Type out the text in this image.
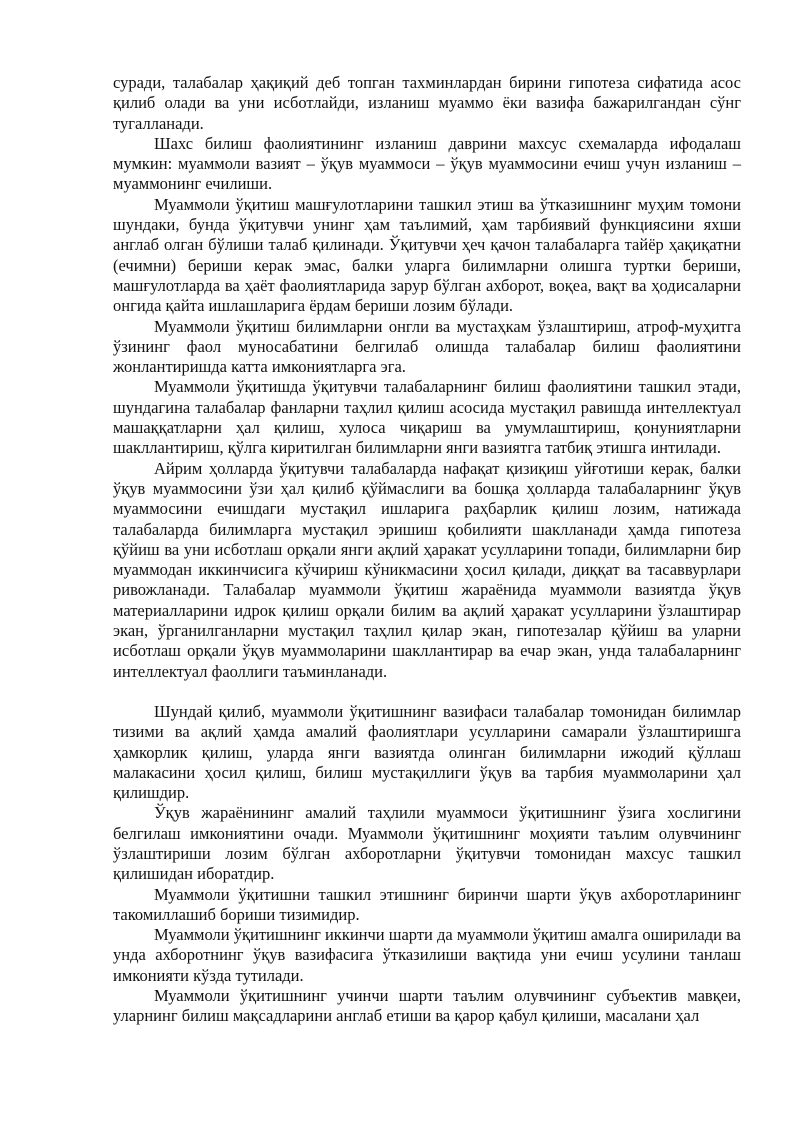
суради, талабалар ҳақиқий деб топган тахминлардан бирини гипотеза сифатида асос қилиб олади ва уни исботлайди, изланиш муаммо ёки вазифа бажарилгандан сўнг тугалланади.

Шахс билиш фаолиятининг изланиш даврини махсус схемаларда ифодалаш мумкин: муаммоли вазият – ўқув муаммоси – ўқув муаммосини ечиш учун изланиш – муаммонинг ечилиши.

Муаммоли ўқитиш машғулотларини ташкил этиш ва ўтказишнинг муҳим томони шундаки, бунда ўқитувчи унинг ҳам таълимий, ҳам тарбиявий функциясини яхши англаб олган бўлиши талаб қилинади. Ўқитувчи ҳеч қачон талабаларга тайёр ҳақиқатни (ечимни) бериши керак эмас, балки уларга билимларни олишга туртки бериши, машғулотларда ва ҳаёт фаолиятларида зарур бўлган ахборот, воқеа, вақт ва ҳодисаларни онгида қайта ишлашларига ёрдам бериши лозим бўлади.

Муаммоли ўқитиш билимларни онгли ва мустаҳкам ўзлаштириш, атроф-муҳитга ўзининг фаол муносабатини белгилаб олишда талабалар билиш фаолиятини жонлантиришда катта имкониятларга эга.

Муаммоли ўқитишда ўқитувчи талабаларнинг билиш фаолиятини ташкил этади, шундагина талабалар фанларни таҳлил қилиш асосида мустақил равишда интеллектуал машаққатларни ҳал қилиш, хулоса чиқариш ва умумлаштириш, қонуниятларни шакллантириш, қўлга киритилган билимларни янги вазиятга татбиқ этишга интилади.

Айрим ҳолларда ўқитувчи талабаларда нафақат қизиқиш уйғотиши керак, балки ўқув муаммосини ўзи ҳал қилиб қўймаслиги ва бошқа ҳолларда талабаларнинг ўқув муаммосини ечишдаги мустақил ишларига раҳбарлик қилиш лозим, натижада талабаларда билимларга мустақил эришиш қобилияти шаклланади ҳамда гипотеза қўйиш ва уни исботлаш орқали янги ақлий ҳаракат усулларини топади, билимларни бир муаммодан иккинчисига кўчириш кўникмасини ҳосил қилади, диққат ва тасаввурлари ривожланади. Талабалар муаммоли ўқитиш жараёнида муаммоли вазиятда ўқув материалларини идрок қилиш орқали билим ва ақлий ҳаракат усулларини ўзлаштирар экан, ўрганилганларни мустақил таҳлил қилар экан, гипотезалар қўйиш ва уларни исботлаш орқали ўқув муаммоларини шакллантирар ва ечар экан, унда талабаларнинг интеллектуал фаоллиги таъминланади.

Шундай қилиб, муаммоли ўқитишнинг вазифаси талабалар томонидан билимлар тизими ва ақлий ҳамда амалий фаолиятлари усулларини самарали ўзлаштиришга ҳамкорлик қилиш, уларда янги вазиятда олинган билимларни ижодий қўллаш малакасини ҳосил қилиш, билиш мустақиллиги ўқув ва тарбия муаммоларини ҳал қилишдир.

Ўқув жараёнининг амалий таҳлили муаммоси ўқитишнинг ўзига хослигини белгилаш имкониятини очади. Муаммоли ўқитишнинг моҳияти таълим олувчининг ўзлаштириши лозим бўлган ахборотларни ўқитувчи томонидан махсус ташкил қилишидан иборатдир.

Муаммоли ўқитишни ташкил этишнинг биринчи шарти ўқув ахборотларининг такомиллашиб бориши тизимидир.

Муаммоли ўқитишнинг иккинчи шарти да муаммоли ўқитиш амалга оширилади ва унда ахборотнинг ўқув вазифасига ўтказилиши вақтида уни ечиш усулини танлаш имконияти кўзда тутилади.

Муаммоли ўқитишнинг учинчи шарти таълим олувчининг субъектив мавқеи, уларнинг билиш мақсадларини англаб етиши ва қарор қабул қилиши, масалани ҳал
